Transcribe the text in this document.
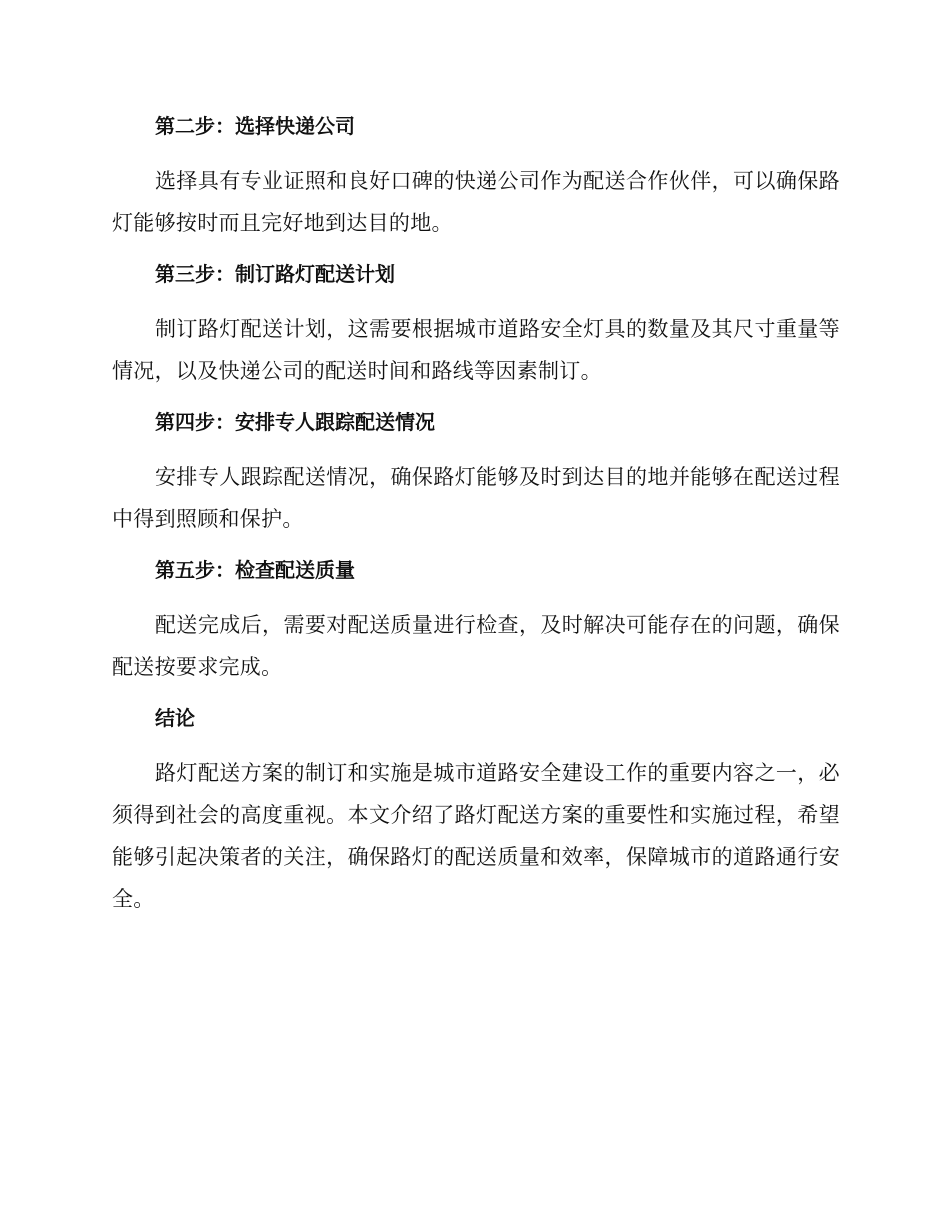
第二步：选择快递公司

选择具有专业证照和良好口碑的快递公司作为配送合作伙伴，可以确保路灯能够按时而且完好地到达目的地。

第三步：制订路灯配送计划

制订路灯配送计划，这需要根据城市道路安全灯具的数量及其尺寸重量等情况，以及快递公司的配送时间和路线等因素制订。

第四步：安排专人跟踪配送情况

安排专人跟踪配送情况，确保路灯能够及时到达目的地并能够在配送过程中得到照顾和保护。

第五步：检查配送质量

配送完成后，需要对配送质量进行检查，及时解决可能存在的问题，确保配送按要求完成。

结论

路灯配送方案的制订和实施是城市道路安全建设工作的重要内容之一，必须得到社会的高度重视。本文介绍了路灯配送方案的重要性和实施过程，希望能够引起决策者的关注，确保路灯的配送质量和效率，保障城市的道路通行安全。
